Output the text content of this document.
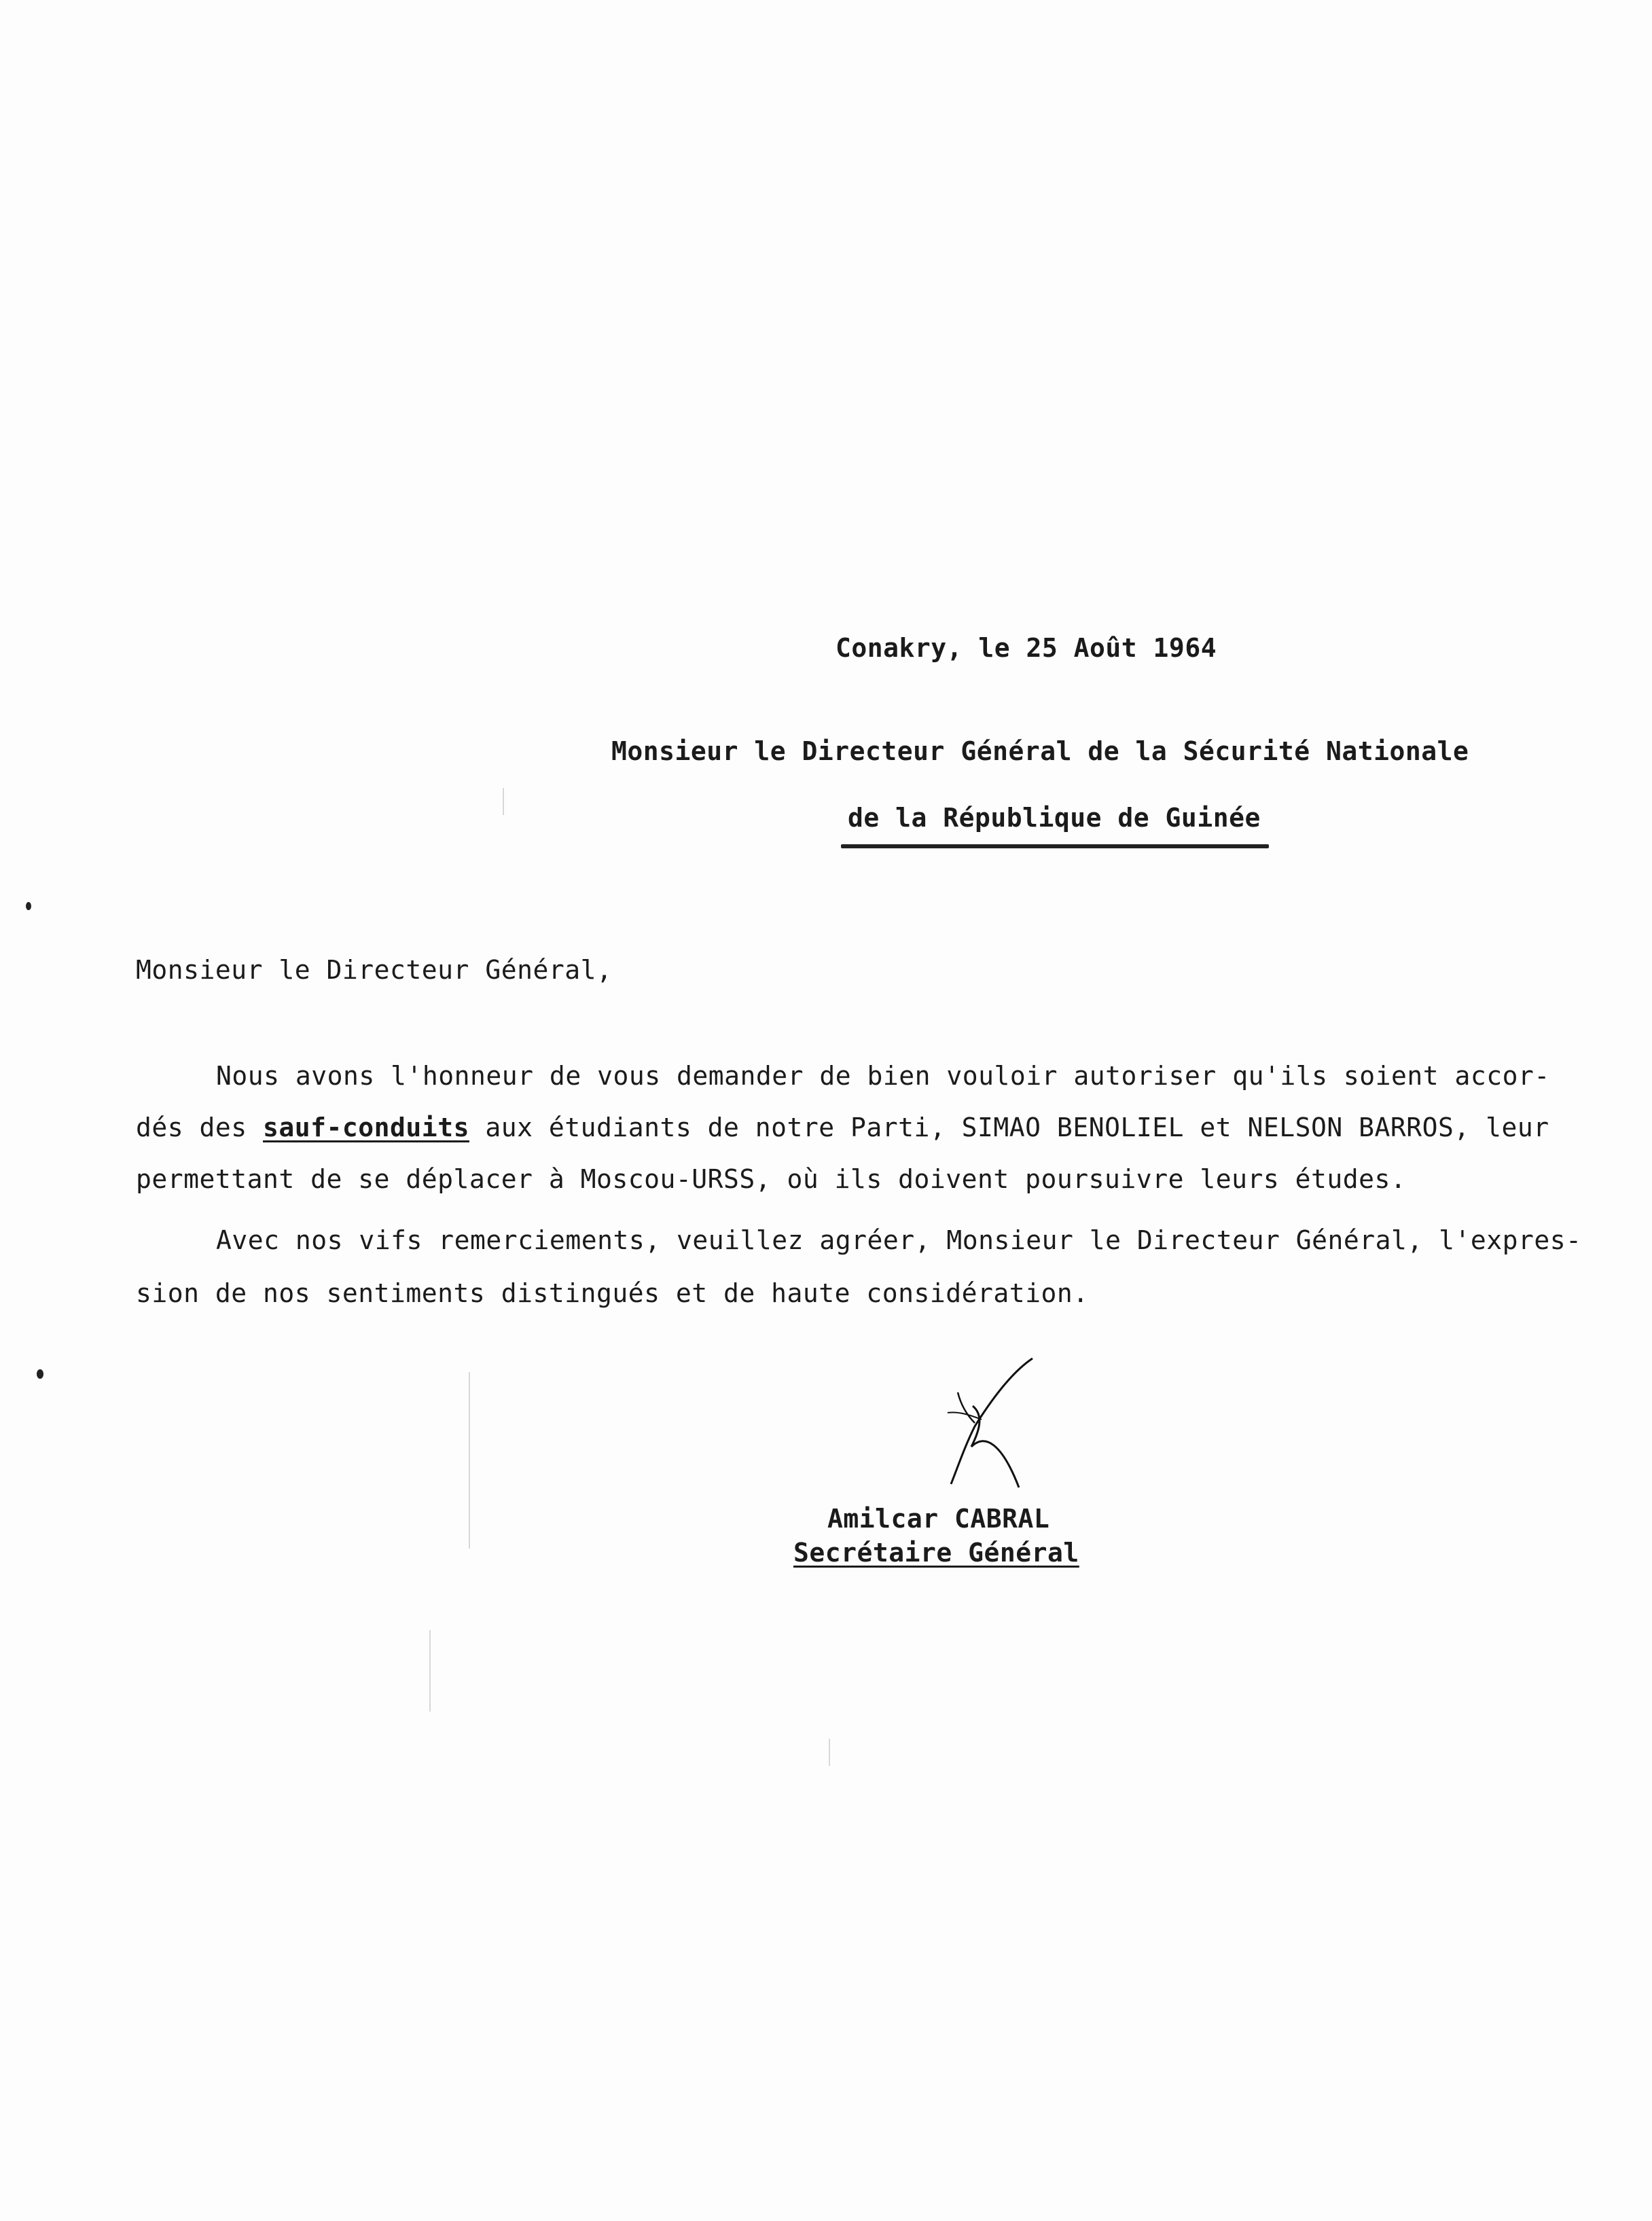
Conakry, le 25 Août 1964
Monsieur le Directeur Général de la Sécurité Nationale
de la République de Guinée
Monsieur le Directeur Général,
Nous avons l'honneur de vous demander de bien vouloir autoriser qu'ils soient accor-
dés des sauf-conduits aux étudiants de notre Parti, SIMAO BENOLIEL et NELSON BARROS, leur
permettant de se déplacer à Moscou-URSS, où ils doivent poursuivre leurs études.
Avec nos vifs remerciements, veuillez agréer, Monsieur le Directeur Général, l'expres-
sion de nos sentiments distingués et de haute considération.
Amilcar CABRAL
Secrétaire Général
